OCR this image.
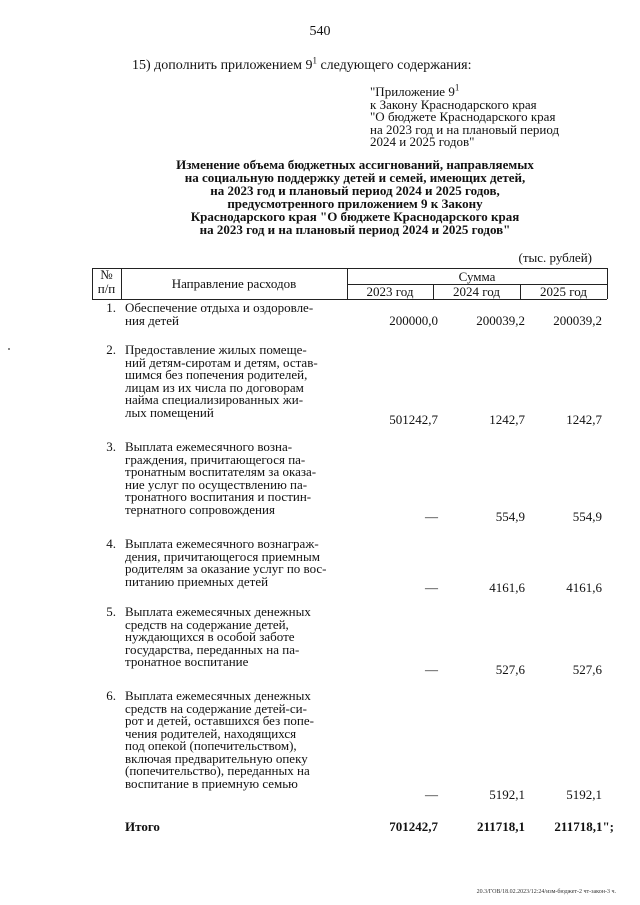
540
15) дополнить приложением $9^1$ следующего содержания:
"Приложение $9^1$
к Закону Краснодарского края
"О бюджете Краснодарского края
на 2023 год и на плановый период
2024 и 2025 годов"
Изменение объема бюджетных ассигнований, направляемых
на социальную поддержку детей и семей, имеющих детей,
на 2023 год и плановый период 2024 и 2025 годов,
предусмотренного приложением 9 к Закону
Краснодарского края "О бюджете Краснодарского края
на 2023 год и на плановый период 2024 и 2025 годов"
(тыс. рублей)
№
п/п	Направление расходов	Сумма
2023 год	2024 год	2025 год
1. Обеспечение отдыха и оздоровле-
ния детей	200000,0	200039,2 200039,2
2. Предоставление жилых помеще-
ний детям-сиротам и детям, остав-
шимся без попечения родителей,
лицам из их числа по договорам
найма специализированных жи-
лых помещений	501242,7	1242,7	1242,7
3. Выплата ежемесячного возна-
граждения, причитающегося па-
тронатным воспитателям за оказа-
ние услуг по осуществлению па-
тронатного воспитания и постин-
тернатного сопровождения	—	554,9	554,9
4. Выплата ежемесячного вознаграж-
дения, причитающегося приемным
родителям за оказание услуг по вос-
питанию приемных детей	—	4161,6	4161,6
5. Выплата ежемесячных денежных
средств на содержание детей,
нуждающихся в особой заботе
государства, переданных на па-
тронатное воспитание
—	527,6	527,6
6. Выплата ежемесячных денежных
средств на содержание детей-си-
рот и детей, оставшихся без попе-
чения родителей, находящихся
под опекой (попечительством),
включая предварительную опеку
(попечительство), переданных на
воспитание в приемную семью
—	5192,1	5192,1
Итого	701242,7	211718,1 211718,1";
20.3/ГОВ/18.02.2023/12:24/изм-бюджет-2 чт-закон-3 ч.
